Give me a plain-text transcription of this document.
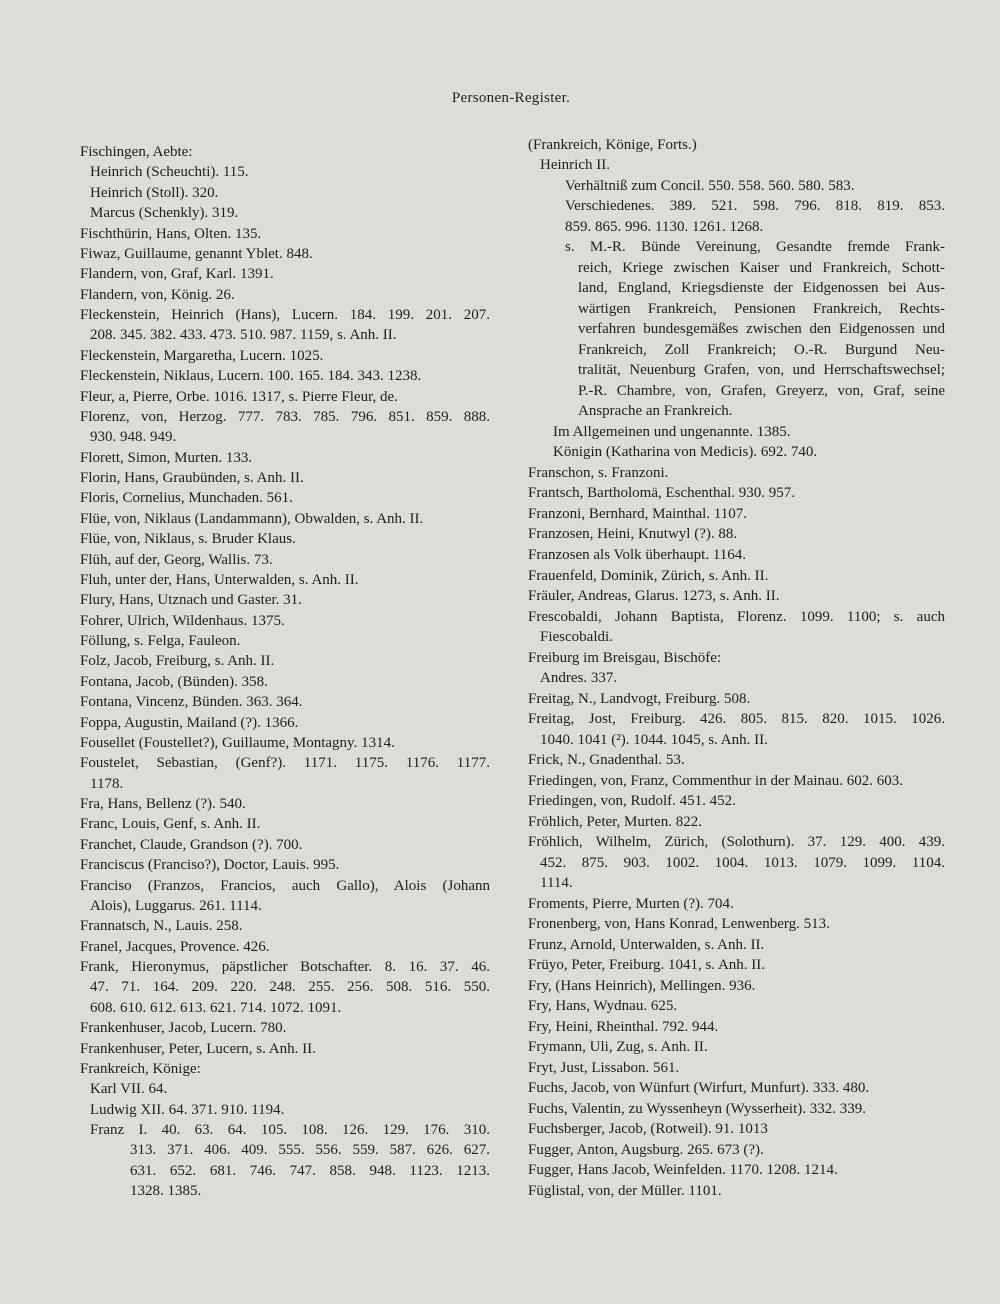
Personen-Register.
Fischingen, Aebte:
Heinrich (Scheuchti). 115.
Heinrich (Stoll). 320.
Marcus (Schenkly). 319.
Fischthürin, Hans, Olten. 135.
Fiwaz, Guillaume, genannt Yblet. 848.
Flandern, von, Graf, Karl. 1391.
Flandern, von, König. 26.
Fleckenstein, Heinrich (Hans), Lucern. 184. 199. 201. 207.
208. 345. 382. 433. 473. 510. 987. 1159, s. Anh. II.
Fleckenstein, Margaretha, Lucern. 1025.
Fleckenstein, Niklaus, Lucern. 100. 165. 184. 343. 1238.
Fleur, a, Pierre, Orbe. 1016. 1317, s. Pierre Fleur, de.
Florenz, von, Herzog. 777. 783. 785. 796. 851. 859. 888.
930. 948. 949.
Florett, Simon, Murten. 133.
Florin, Hans, Graubünden, s. Anh. II.
Floris, Cornelius, Munchaden. 561.
Flüe, von, Niklaus (Landammann), Obwalden, s. Anh. II.
Flüe, von, Niklaus, s. Bruder Klaus.
Flüh, auf der, Georg, Wallis. 73.
Fluh, unter der, Hans, Unterwalden, s. Anh. II.
Flury, Hans, Utznach und Gaster. 31.
Fohrer, Ulrich, Wildenhaus. 1375.
Föllung, s. Felga, Fauleon.
Folz, Jacob, Freiburg, s. Anh. II.
Fontana, Jacob, (Bünden). 358.
Fontana, Vincenz, Bünden. 363. 364.
Foppa, Augustin, Mailand (?). 1366.
Fousellet (Foustellet?), Guillaume, Montagny. 1314.
Foustelet, Sebastian, (Genf?). 1171. 1175. 1176. 1177.
1178.
Fra, Hans, Bellenz (?). 540.
Franc, Louis, Genf, s. Anh. II.
Franchet, Claude, Grandson (?). 700.
Franciscus (Franciso?), Doctor, Lauis. 995.
Franciso (Franzos, Francios, auch Gallo), Alois (Johann
Alois), Luggarus. 261. 1114.
Frannatsch, N., Lauis. 258.
Franel, Jacques, Provence. 426.
Frank, Hieronymus, päpstlicher Botschafter. 8. 16. 37. 46.
47. 71. 164. 209. 220. 248. 255. 256. 508. 516. 550.
608. 610. 612. 613. 621. 714. 1072. 1091.
Frankenhuser, Jacob, Lucern. 780.
Frankenhuser, Peter, Lucern, s. Anh. II.
Frankreich, Könige:
Karl VII. 64.
Ludwig XII. 64. 371. 910. 1194.
Franz I. 40. 63. 64. 105. 108. 126. 129. 176. 310.
313. 371. 406. 409. 555. 556. 559. 587. 626. 627.
631. 652. 681. 746. 747. 858. 948. 1123. 1213.
1328. 1385.
(Frankreich, Könige, Forts.)
Heinrich II.
Verhältniß zum Concil. 550. 558. 560. 580. 583.
Verschiedenes. 389. 521. 598. 796. 818. 819. 853.
859. 865. 996. 1130. 1261. 1268.
s. M.-R. Bünde Vereinung, Gesandte fremde Frank-
reich, Kriege zwischen Kaiser und Frankreich, Schott-
land, England, Kriegsdienste der Eidgenossen bei Aus-
wärtigen Frankreich, Pensionen Frankreich, Rechts-
verfahren bundesgemäßes zwischen den Eidgenossen und
Frankreich, Zoll Frankreich; O.-R. Burgund Neu-
tralität, Neuenburg Grafen, von, und Herrschaftswechsel;
P.-R. Chambre, von, Grafen, Greyerz, von, Graf, seine
Ansprache an Frankreich.
Im Allgemeinen und ungenannte. 1385.
Königin (Katharina von Medicis). 692. 740.
Franschon, s. Franzoni.
Frantsch, Bartholomä, Eschenthal. 930. 957.
Franzoni, Bernhard, Mainthal. 1107.
Franzosen, Heini, Knutwyl (?). 88.
Franzosen als Volk überhaupt. 1164.
Frauenfeld, Dominik, Zürich, s. Anh. II.
Fräuler, Andreas, Glarus. 1273, s. Anh. II.
Frescobaldi, Johann Baptista, Florenz. 1099. 1100; s. auch
Fiescobaldi.
Freiburg im Breisgau, Bischöfe:
Andres. 337.
Freitag, N., Landvogt, Freiburg. 508.
Freitag, Jost, Freiburg. 426. 805. 815. 820. 1015. 1026.
1040. 1041 (²). 1044. 1045, s. Anh. II.
Frick, N., Gnadenthal. 53.
Friedingen, von, Franz, Commenthur in der Mainau. 602. 603.
Friedingen, von, Rudolf. 451. 452.
Fröhlich, Peter, Murten. 822.
Fröhlich, Wilhelm, Zürich, (Solothurn). 37. 129. 400. 439.
452. 875. 903. 1002. 1004. 1013. 1079. 1099. 1104.
1114.
Froments, Pierre, Murten (?). 704.
Fronenberg, von, Hans Konrad, Lenwenberg. 513.
Frunz, Arnold, Unterwalden, s. Anh. II.
Früyo, Peter, Freiburg. 1041, s. Anh. II.
Fry, (Hans Heinrich), Mellingen. 936.
Fry, Hans, Wydnau. 625.
Fry, Heini, Rheinthal. 792. 944.
Frymann, Uli, Zug, s. Anh. II.
Fryt, Just, Lissabon. 561.
Fuchs, Jacob, von Wünfurt (Wirfurt, Munfurt). 333. 480.
Fuchs, Valentin, zu Wyssenheyn (Wysserheit). 332. 339.
Fuchsberger, Jacob, (Rotweil). 91. 1013
Fugger, Anton, Augsburg. 265. 673 (?).
Fugger, Hans Jacob, Weinfelden. 1170. 1208. 1214.
Füglistal, von, der Müller. 1101.
